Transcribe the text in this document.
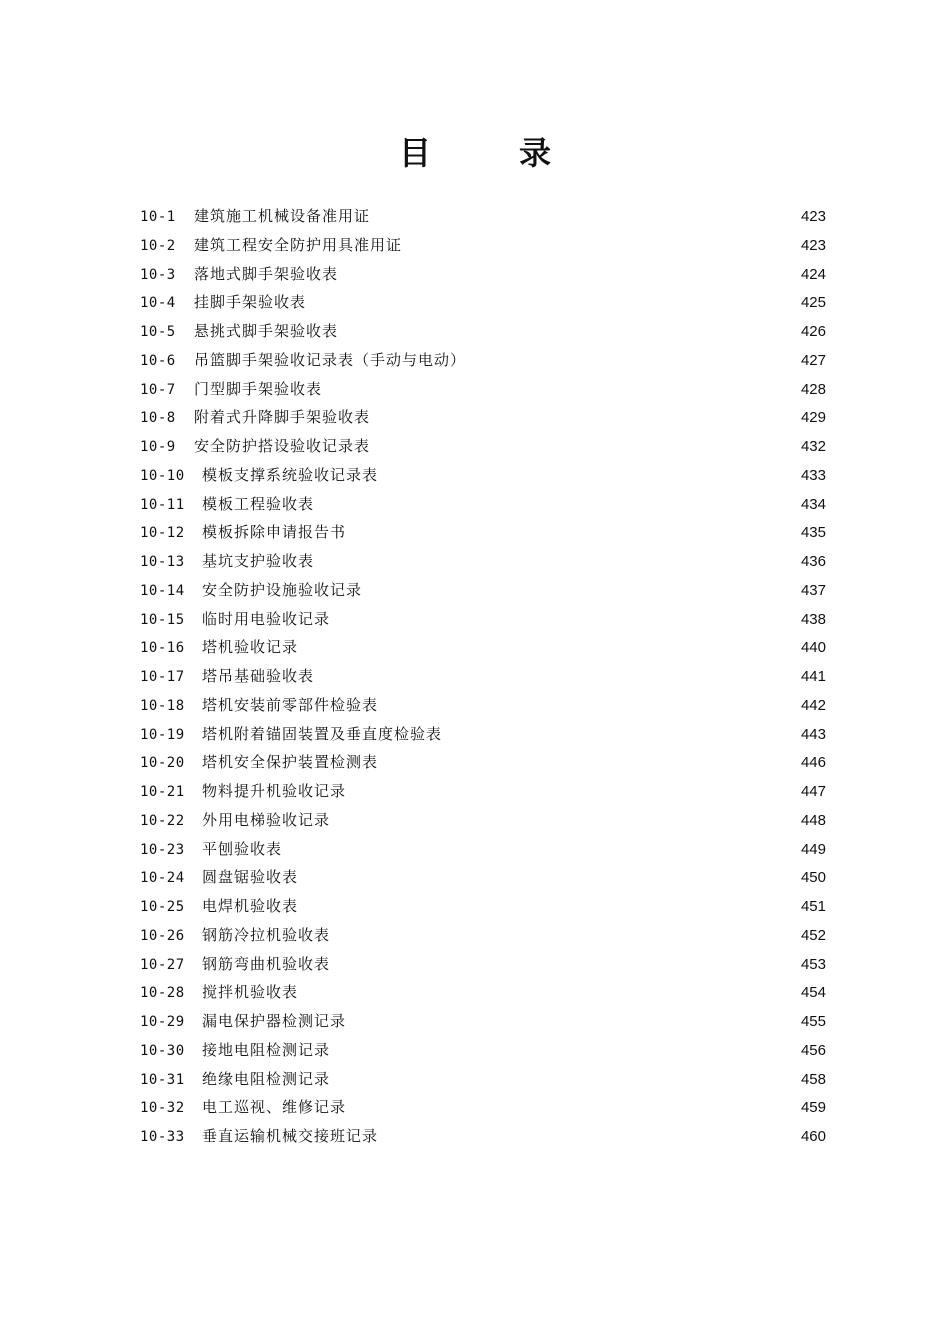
目　录
10-1	建筑施工机械设备准用证	423
10-2	建筑工程安全防护用具准用证	423
10-3	落地式脚手架验收表	424
10-4	挂脚手架验收表	425
10-5	悬挑式脚手架验收表	426
10-6	吊篮脚手架验收记录表（手动与电动）	427
10-7	门型脚手架验收表	428
10-8	附着式升降脚手架验收表	429
10-9	安全防护搭设验收记录表	432
10-10	模板支撑系统验收记录表	433
10-11	模板工程验收表	434
10-12	模板拆除申请报告书	435
10-13	基坑支护验收表	436
10-14	安全防护设施验收记录	437
10-15	临时用电验收记录	438
10-16	塔机验收记录	440
10-17	塔吊基础验收表	441
10-18	塔机安装前零部件检验表	442
10-19	塔机附着锚固装置及垂直度检验表	443
10-20	塔机安全保护装置检测表	446
10-21	物料提升机验收记录	447
10-22	外用电梯验收记录	448
10-23	平刨验收表	449
10-24	圆盘锯验收表	450
10-25	电焊机验收表	451
10-26	钢筋冷拉机验收表	452
10-27	钢筋弯曲机验收表	453
10-28	搅拌机验收表	454
10-29	漏电保护器检测记录	455
10-30	接地电阻检测记录	456
10-31	绝缘电阻检测记录	458
10-32	电工巡视、维修记录	459
10-33	垂直运输机械交接班记录	460
